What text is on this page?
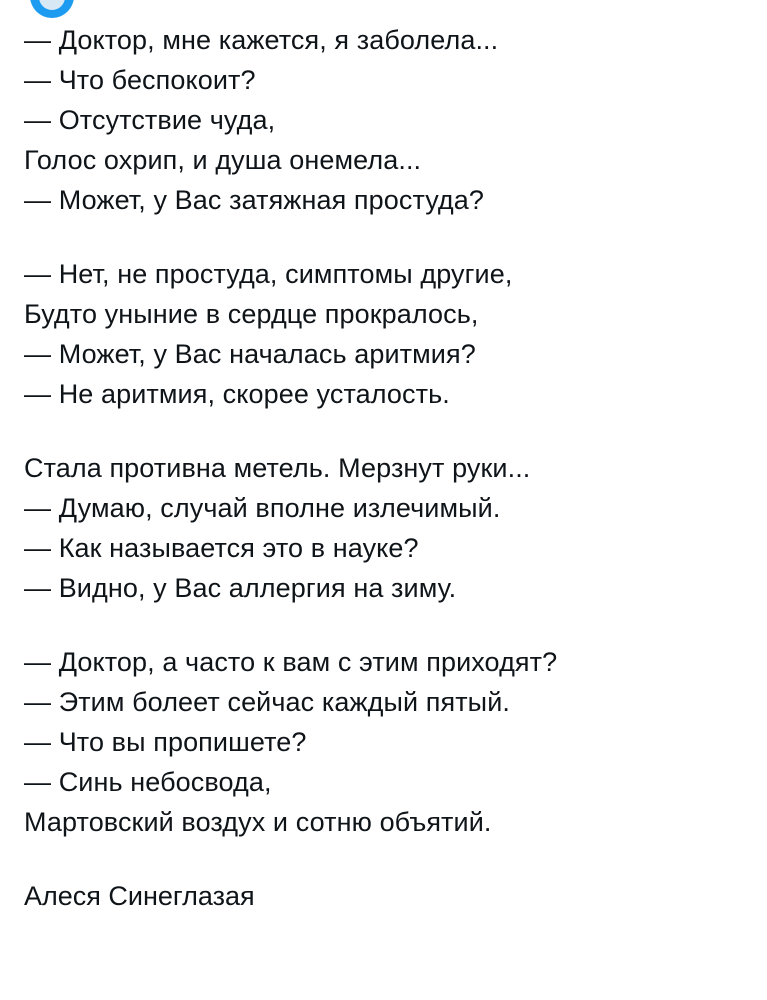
— Доктор, мне кажется, я заболела...
— Что беспокоит?
— Отсутствие чуда,
Голос охрип, и душа онемела...
— Может, у Вас затяжная простуда?
— Нет, не простуда, симптомы другие,
Будто уныние в сердце прокралось,
— Может, у Вас началась аритмия?
— Не аритмия, скорее усталость.
Стала противна метель. Мерзнут руки...
— Думаю, случай вполне излечимый.
— Как называется это в науке?
— Видно, у Вас аллергия на зиму.
— Доктор, а часто к вам с этим приходят?
— Этим болеет сейчас каждый пятый.
— Что вы пропишете?
— Синь небосвода,
Мартовский воздух и сотню объятий.
Алеся Синеглазая
